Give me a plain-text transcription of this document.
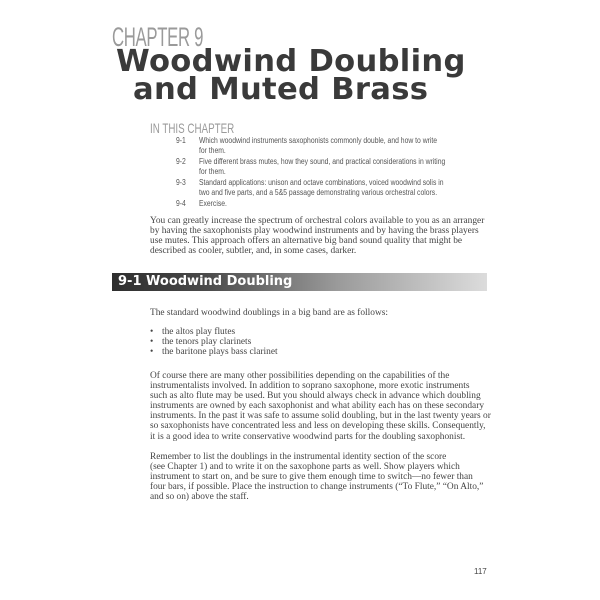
CHAPTER 9
Woodwind Doubling
and Muted Brass
IN THIS CHAPTER
9-1 Which woodwind instruments saxophonists commonly double, and how to write
for them.
9-2 Five different brass mutes, how they sound, and practical considerations in writing
for them.
9-3 Standard applications: unison and octave combinations, voiced woodwind solis in
two and five parts, and a 5&5 passage demonstrating various orchestral colors.
9-4 Exercise.
You can greatly increase the spectrum of orchestral colors available to you as an arranger
by having the saxophonists play woodwind instruments and by having the brass players
use mutes. This approach offers an alternative big band sound quality that might be
described as cooler, subtler, and, in some cases, darker.
9-1 Woodwind Doubling
The standard woodwind doublings in a big band are as follows:
• the altos play flutes
• the tenors play clarinets
• the baritone plays bass clarinet
Of course there are many other possibilities depending on the capabilities of the
instrumentalists involved. In addition to soprano saxophone, more exotic instruments
such as alto flute may be used. But you should always check in advance which doubling
instruments are owned by each saxophonist and what ability each has on these secondary
instruments. In the past it was safe to assume solid doubling, but in the last twenty years or
so saxophonists have concentrated less and less on developing these skills. Consequently,
it is a good idea to write conservative woodwind parts for the doubling saxophonist.
Remember to list the doublings in the instrumental identity section of the score
(see Chapter 1) and to write it on the saxophone parts as well. Show players which
instrument to start on, and be sure to give them enough time to switch—no fewer than
four bars, if possible. Place the instruction to change instruments (“To Flute,” “On Alto,”
and so on) above the staff.
117
